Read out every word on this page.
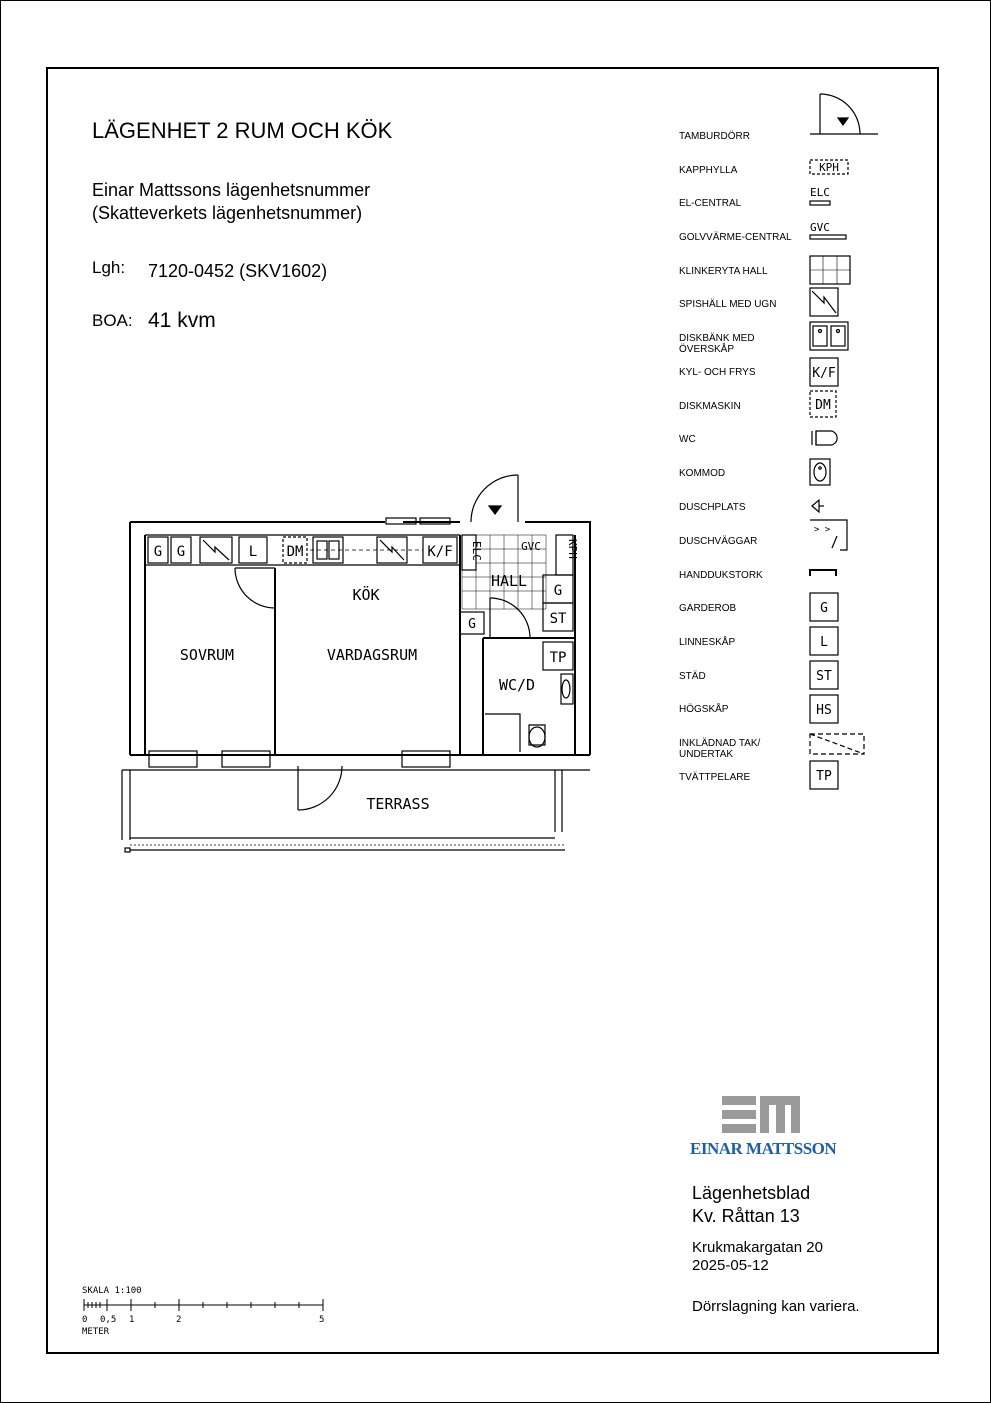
LÄGENHET 2 RUM OCH KÖK
Einar Mattssons lägenhetsnummer
(Skatteverkets lägenhetsnummer)
Lgh: 7120-0452 (SKV1602)
BOA: 41 kvm
TAMBURDÖRR
KAPPHYLLA
EL-CENTRAL
GOLVVÄRME-CENTRAL
KLINKERYTA HALL
SPISHÄLL MED UGN
DISKBÄNK MED
ÖVERSKÅP
KYL- OCH FRYS
DISKMASKIN
WC
KOMMOD
DUSCHPLATS
DUSCHVÄGGAR
HANDDUKSTORK
GARDEROB
LINNESKÅP
STÄD
HÖGSKÅP
INKLÄDNAD TAK/
UNDERTAK
TVÄTTPELARE
KPH
ELC
GVC
K/F
DM
> >
G
L
ST
HS
TP
SOVRUM	VARDAGSRUM
KÖK
HALL
WC/D
TERRASS
G G	L DM	K/F ELC	GVC KPH
G
ST
G
TP
SKALA 1:100
0 0,5 1	2	5
METER
EINAR MATTSSON
Lägenhetsblad
Kv. Råttan 13
Krukmakargatan 20
2025-05-12
Dörrslagning kan variera.
